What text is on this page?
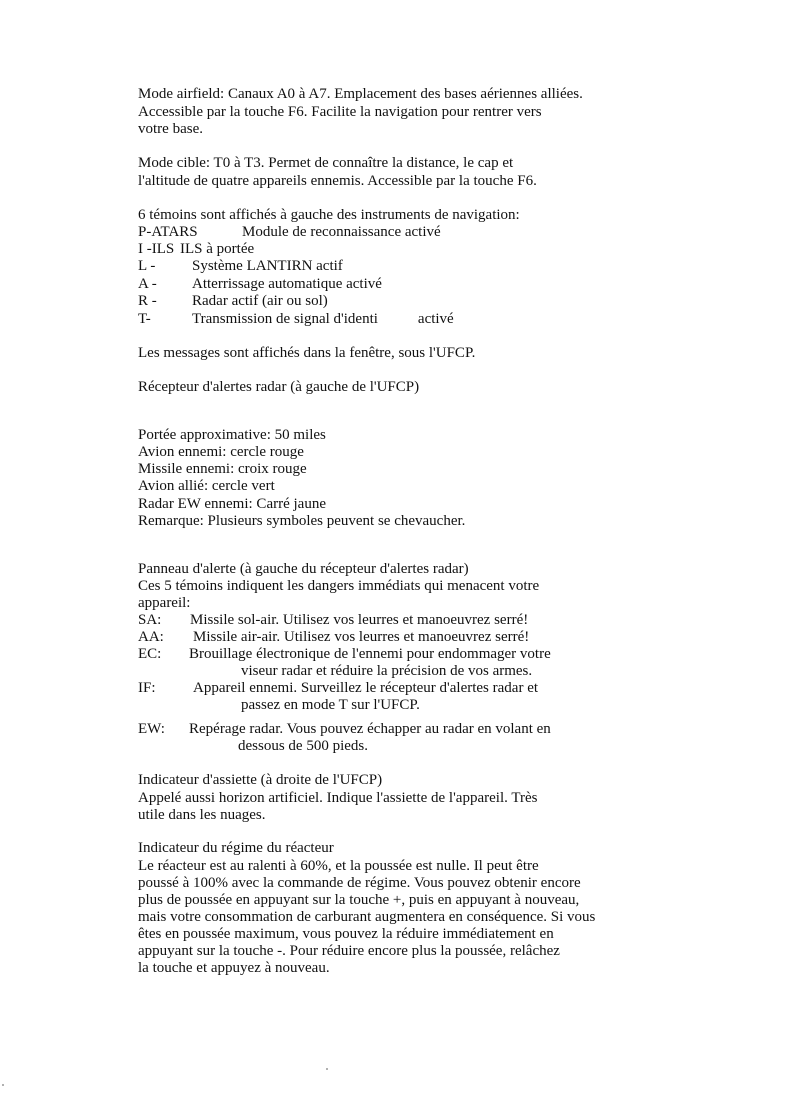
Mode airfield: Canaux A0 à A7. Emplacement des bases aériennes alliées.
Accessible par la touche F6. Facilite la navigation pour rentrer vers
votre base.
Mode cible: T0 à T3. Permet de connaître la distance, le cap et
l'altitude de quatre appareils ennemis. Accessible par la touche F6.
6 témoins sont affichés à gauche des instruments de navigation:
P-ATARS	Module de reconnaissance activé
I -ILS ILS à portée
L - Système LANTIRN actif
A - Atterrissage automatique activé
R - Radar actif (air ou sol)
T-	Transmission de signal d'identi	activé
Les messages sont affichés dans la fenêtre, sous l'UFCP.
Récepteur d'alertes radar (à gauche de l'UFCP)
Portée approximative: 50 miles
Avion ennemi: cercle rouge
Missile ennemi: croix rouge
Avion allié: cercle vert
Radar EW ennemi: Carré jaune
Remarque: Plusieurs symboles peuvent se chevaucher.
Panneau d'alerte (à gauche du récepteur d'alertes radar)
Ces 5 témoins indiquent les dangers immédiats qui menacent votre
appareil:
SA: Missile sol-air. Utilisez vos leurres et manoeuvrez serré!
AA: Missile air-air. Utilisez vos leurres et manoeuvrez serré!
EC: Brouillage électronique de l'ennemi pour endommager votre
viseur radar et réduire la précision de vos armes.
IF: Appareil ennemi. Surveillez le récepteur d'alertes radar et
passez en mode T sur l'UFCP.
EW: Repérage radar. Vous pouvez échapper au radar en volant en
dessous de 500 pieds.
Indicateur d'assiette (à droite de l'UFCP)
Appelé aussi horizon artificiel. Indique l'assiette de l'appareil. Très
utile dans les nuages.
Indicateur du régime du réacteur
Le réacteur est au ralenti à 60%, et la poussée est nulle. Il peut être
poussé à 100% avec la commande de régime. Vous pouvez obtenir encore
plus de poussée en appuyant sur la touche +, puis en appuyant à nouveau,
mais votre consommation de carburant augmentera en conséquence. Si vous
êtes en poussée maximum, vous pouvez la réduire immédiatement en
appuyant sur la touche -. Pour réduire encore plus la poussée, relâchez
la touche et appuyez à nouveau.
